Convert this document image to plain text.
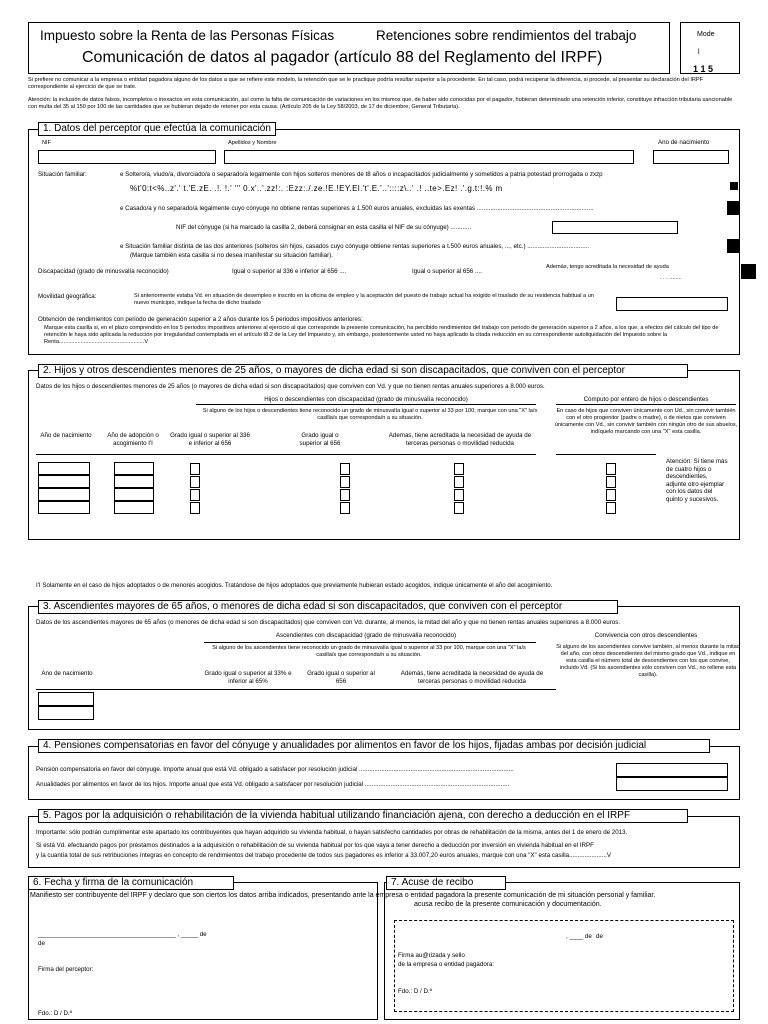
Impuesto sobre la Renta de las Personas Físicas	Retenciones sobre rendimientos del trabajo
Comunicación de datos al pagador (artículo 88 del Reglamento del IRPF)
Mode
l
1 1 5
Si prefiere no comunicar a la empresa o entidad pagadora alguno de los datos a que se refiere este modelo, la retención que se le practique podría resultar superior a la procedente. En tal caso, podrá recuperar la diferencia, si procede, al presentar su declaración del IRPF correspondiente al ejercicio de que se trate.
Atención: la inclusión de datos falsos, incompletos o inexactos en esta comunicación, así como la falta de comunicación de variaciones en los mismos que, de haber sido conocidas por el pagador, hubieran determinado una retención inferior, constituye infracción tributaria sancionable con multa del 35 al 150 por 100 de las cantidades que se hubieran dejado de retener por esta causa. (Artículo 205 de la Ley 58/2003, de 17 de diciembre, General Tributaria).
1. Datos del perceptor que efectúa la comunicación
NIF	Apellidos y Nombre	Ano de nacimiento
Situación familiar:	e Soltero/a, viudo/a, divorciado/a o separado/a legalmente con hijos solteros menores de t8 años o incapacitados judicialmente y sometidos a patria potestad prorrogada o zxzp
%t'0:t<%..z'.' t.'E.zE. .!. !.' ''' 0.x'..'.zz!:. :Ezz:./.ze.!E.!EY.El.'t'.E.'..'::::z\..' .! ..te>.Ez! .'.g.t:!.% m
e Casado/a y no separado/a legalmente cuyo cónyuge no obtiene rentas superiores a 1.500 euros anuales, excluidas las exentas ....................................................................
NIF del cónyuge (si ha marcado la casilla 2, deberá consignar en esta casilla el NIF de su cónyuge) ............
e Situación familiar distinta de las dos anteriores (solteros sin hijos, casados cuyo cónyuge obtiene rentas superiores a t.500 euros anuales, ..., etc.) ....................................
(Marque también esta casilla si no desea manifestar su situación familiar).
Discapacidad (grado de minusvalía reconocido)	Igual o superior al 336 e inferior al 656 ....	Igual o superior al 656 ....
Además, tengo acreditada la necesidad de ayuda
. . . ........
Movilidad geográfica:	Si anteriormente estaba Vd. en situación de desempleo e inscrito en la oficina de empleo y la aceptación del puesto de trabajo actual ha exigido el traslado de su residencia habitual a un nuevo municipio, indique la fecha de dicho traslado
Obtención de rendimientos con periodo de generación superior a 2 años durante los 5 periodos impositivos anteriores:
Marque esta casilla si, en el plazo comprendido en los 5 periodos impositivos anteriores al ejercicio al que corresponde la presente comunicación, ha percibido rendimientos del trabajo con periodo de generación superior a 2 años, a los que, a efectos del cálculo del tipo de retención le haya sido aplicada la reducción por irregularidad contemplada en el artículo t8.2 de la Ley del Impuesto y, sin embargo, posteriormente usted no haya aplicado la citada reducción en su correspondiente autoliquidación del Impuesto sobre la Renta.......................................................V
2. Hijos y otros descendientes menores de 25 años, o mayores de dicha edad si son discapacitados, que conviven con el perceptor
Datos de los hijos o descendientes menores de 25 años (o mayores de dicha edad si son discapacitados) que conviven con Vd. y que no tienen rentas anuales superiores a 8.000 euros.
Hijos o descendientes con discapacidad (grado de minusvalía reconocido)	Cómputo por entero de hijos o descendientes
Si alguno de los hijos o descendientes tiene reconocido un grado de minusvalía igual o superior al 33 por 100, marque con una "X" la/s casilla/s que corresponda/n a su situación.
En caso de hijos que conviven únicamente con Ud., sin convivir también con el otro progenitor (padre o madre), o de nietos que conviven únicamente con Vd., sin convivir también con ningún otro de sus abuelos, indíquelo marcando con una "X" esta casilla.
Año de nacimiento	Año de adopción o acogimiento I'I
Grado igual o superior al 336 e inferior al 656
Grado igual o superior al 656
Ademas, tiene acreditada la necesidad de ayuda de terceras personas o movilidad reducida
Atención: Si tiene más de cuatro hijos o descendientes, adjunte otro ejemplar con los datos del quinto y sucesivos.
I'I Solamente en el caso de hijos adoptados o de menores acogidos. Tratándose de hijos adoptados que previamente hubieran estado acogidos, indique únicamente el año del acogimiento.
3. Ascendientes mayores de 65 años, o menores de dicha edad si son discapacitados, que conviven con el perceptor
Datos de los ascendientes mayores de 65 años (o menores de dicha edad si son discapacitados) que conviven con Vd. durante, al menos, la mitad del año y que no tienen rentas anuales superiores a 8.000 euros.
Ascendientes con discapacidad (grado de minusvalía reconocido)	Convivencia con otros descendientes
Si alguno de los ascendientes tiene reconocido un grado de minusvalía igual o superior al 33 por 100, marque con una "X" la/s casilla/s que corresponda/n a su situación.
Si alguno de los ascendientes convive también, al menos durante la mitad del año, con otros descendientes del mismo grado que Vd., indique en esta casilla el número total de descendientes con los que convive, incluido Vd. (Si los ascendientes sólo conviven con Vd., no rellene esta casilla).
Ano de nacimiento	Grado igual o superior al 33% e inferior al 65%
Grado igual o superior al 656
Además, tiene acreditada la necesidad de ayuda de terceras personas o movilidad reducida
4. Pensiones compensatorias en favor del cónyuge y anualidades por alimentos en favor de los hijos, fijadas ambas por decisión judicial
Pensión compensatoria en favor del cónyuge. Importe anual que está Vd. obligado a satisfacer por resolución judicial ..........................................................................................
Anualidades por alimentos en favor de los hijos. Importe anual que está Vd. obligado a satisfacer por resolución judicial ....................................................................................
5. Pagos por la adquisición o rehabilitación de la vivienda habitual utilizando financiación ajena, con derecho a deducción en el IRPF
Importante: sólo podrán cumplimentar este apartado los contribuyentes que hayan adquirido su vivienda habitual, o hayan satisfecho cantidades por obras de rehabilitación de la misma, antes del 1 de enero de 2013.
Si está Vd. efectuando pagos por préstamos destinados a la adquisición o rehabilitación de su vivienda habitual por los que vaya a tener derecho a deducción por inversión en vivienda habitual en el IRPF
y la cuantía total de sus retribuciones íntegras en concepto de rendimientos del trabajo procedente de todos sus pagadores es inferior a 33.007,20 euros anuales, marque con una "X" esta casilla......................V
6. Fecha y firma de la comunicación
Manifiesto ser contribuyente del IRPF y declaro que son ciertos los datos arriba indicados, presentando ante la empresa o entidad pagadora la presente comunicación de mi situación personal y familiar.
________________________________________ , _____ de
de
Firma del perceptor:
Fdo.: D / D.ª
7. Acuse de recibo
acusa recibo de la presente comunicación y documentación.
, ____ de de
Firma au@rizada y sello
de la empresa o entidad pagadora:
Fdo.: D / D.ª
